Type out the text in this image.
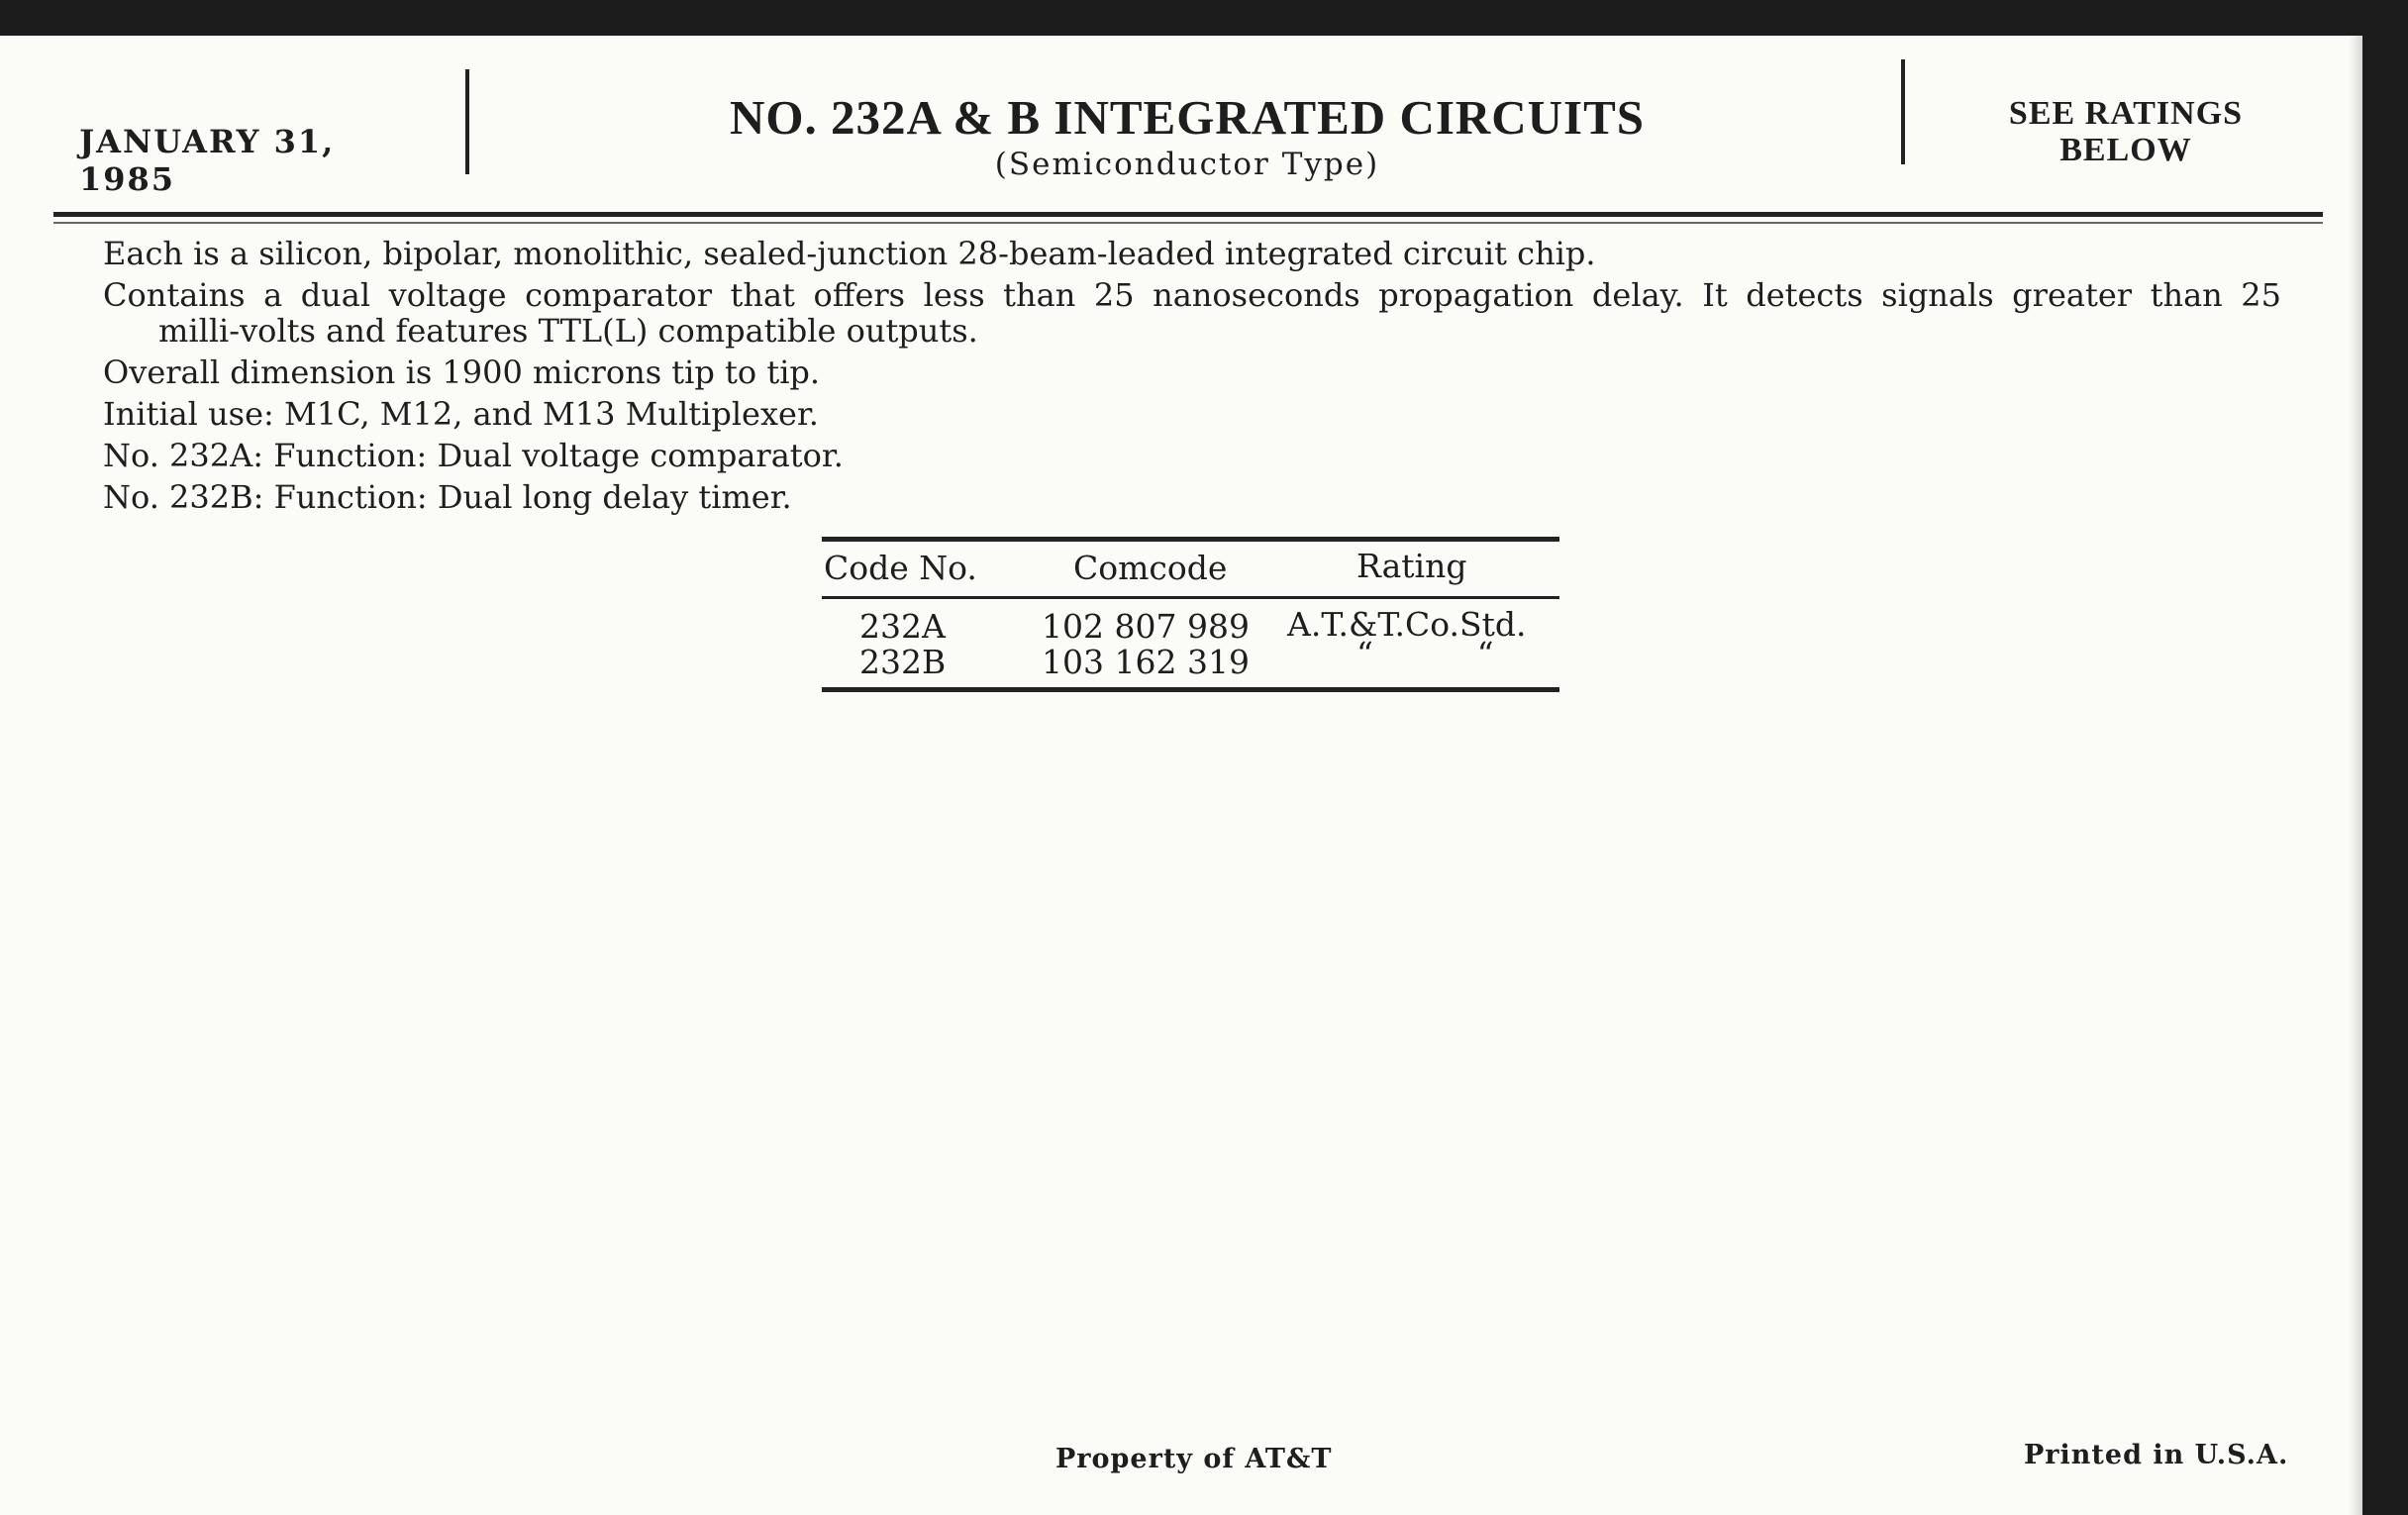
JANUARY 31, 1985
NO. 232A & B INTEGRATED CIRCUITS
(Semiconductor Type)
SEE RATINGS
BELOW
Each is a silicon, bipolar, monolithic, sealed-junction 28-beam-leaded integrated circuit chip.
Contains a dual voltage comparator that offers less than 25 nanoseconds propagation delay. It detects signals greater than 25
milli-volts and features TTL(L) compatible outputs.
Overall dimension is 1900 microns tip to tip.
Initial use: M1C, M12, and M13 Multiplexer.
No. 232A: Function: Dual voltage comparator.
No. 232B: Function: Dual long delay timer.
Code No.	Comcode	Rating
232A	102 807 989 A.T.&T.Co.Std.
232B	103 162 319	“          “
Property of AT&T	Printed in U.S.A.
